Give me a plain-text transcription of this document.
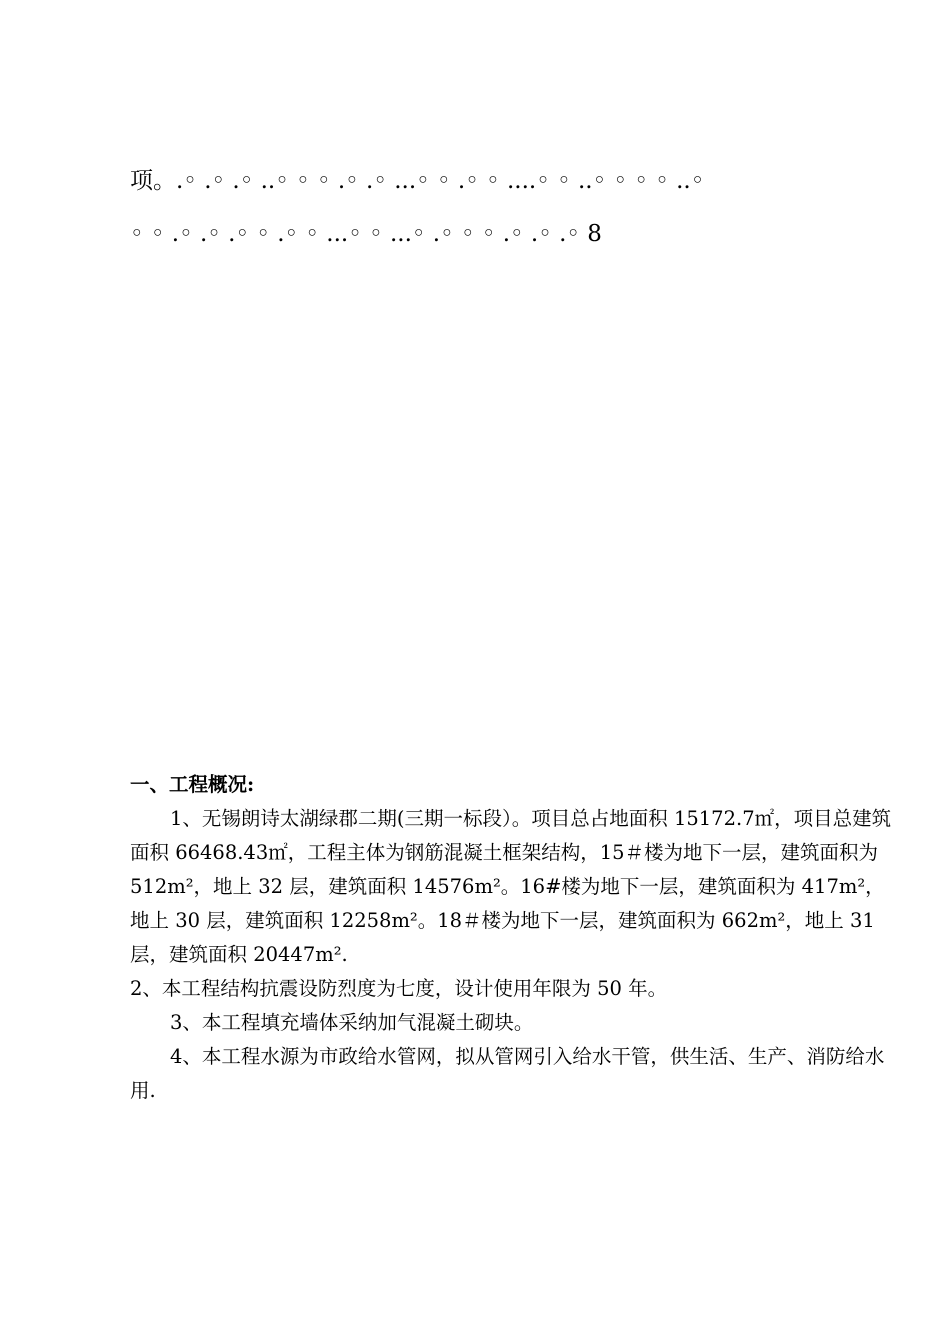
项。.◦ .◦ .◦ ..◦ ◦ ◦ .◦ .◦ ...◦ ◦ .◦ ◦ ....◦ ◦ ..◦ ◦ ◦ ◦ ..◦
◦ ◦ .◦ .◦ .◦ ◦ .◦ ◦ ...◦ ◦ ...◦ .◦ ◦ ◦ .◦ .◦ .◦ 8

一、工程概况:

1、无锡朗诗太湖绿郡二期(三期一标段）。项目总占地面积 15172.7㎡，项目总建筑面积 66468.43㎡，工程主体为钢筋混凝土框架结构，15＃楼为地下一层，建筑面积为 512m²，地上 32 层，建筑面积 14576m²。16#楼为地下一层，建筑面积为 417m²，地上 30 层，建筑面积 12258m²。18＃楼为地下一层，建筑面积为 662m²，地上 31 层，建筑面积 20447m².

2、本工程结构抗震设防烈度为七度，设计使用年限为 50 年。

3、本工程填充墙体采纳加气混凝土砌块。

4、本工程水源为市政给水管网，拟从管网引入给水干管，供生活、生产、消防给水用.
